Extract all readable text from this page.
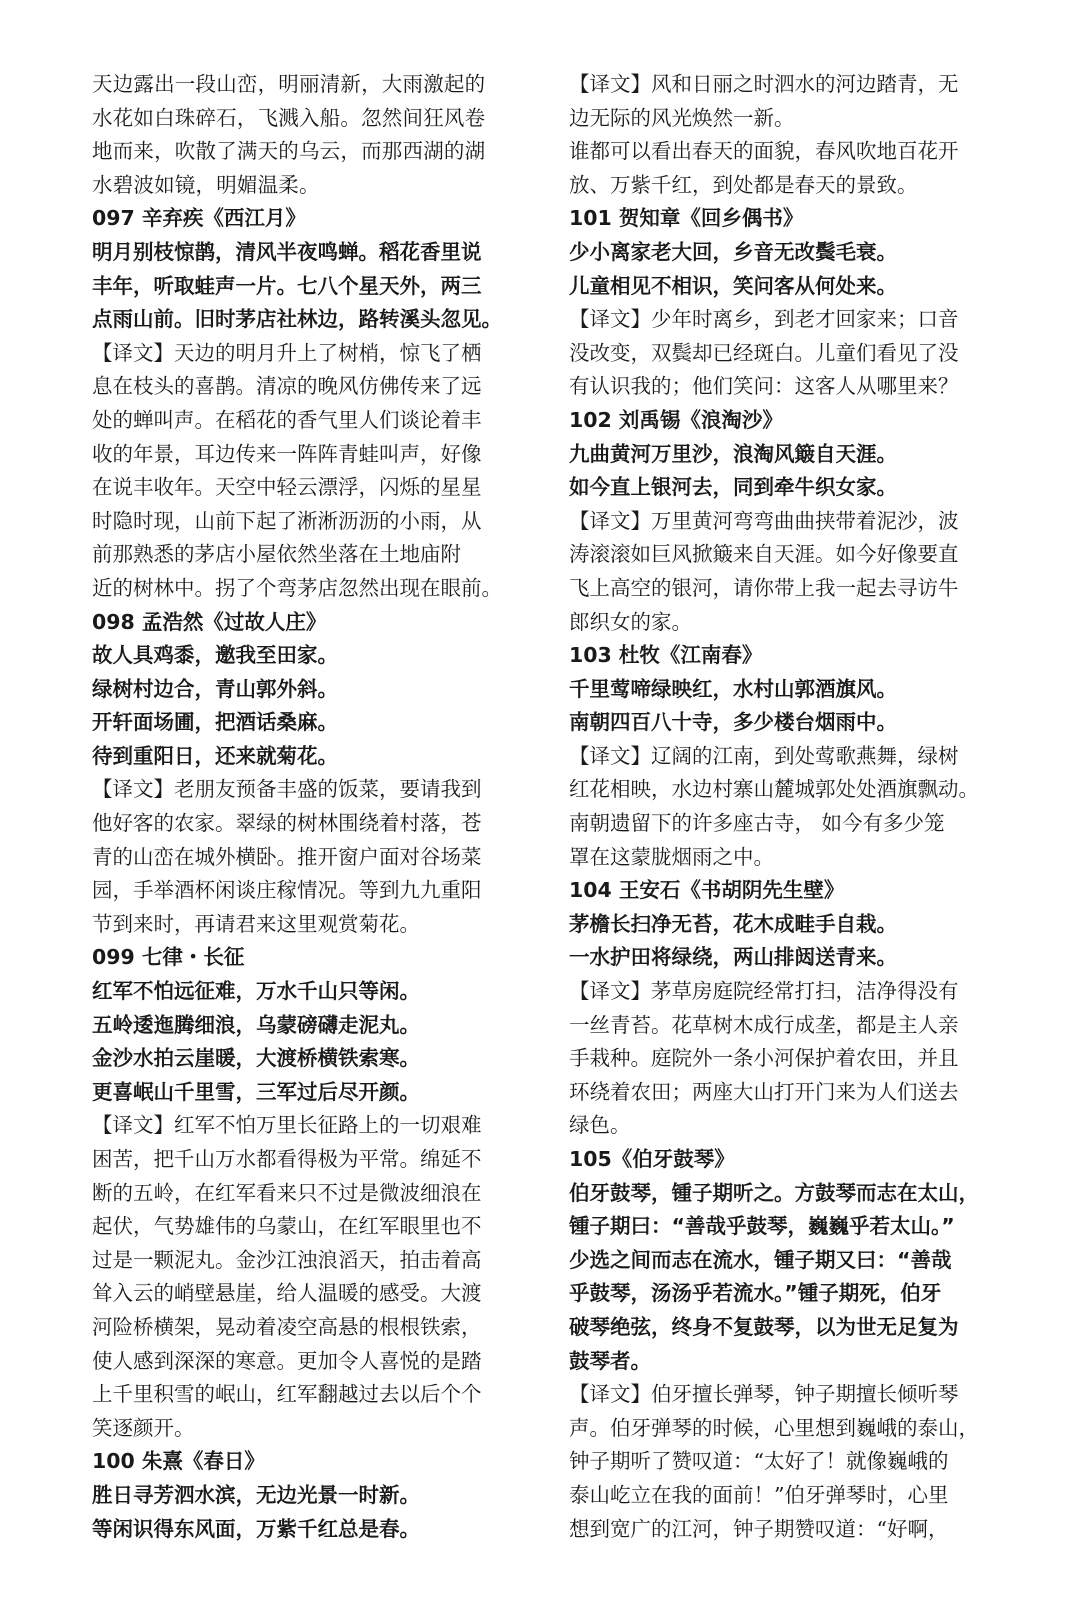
天边露出一段山峦，明丽清新，大雨激起的

水花如白珠碎石，飞溅入船。忽然间狂风卷

地而来，吹散了满天的乌云，而那西湖的湖

水碧波如镜，明媚温柔。

097 辛弃疾《西江月》

明月别枝惊鹊，清风半夜鸣蝉。稻花香里说

丰年，听取蛙声一片。七八个星天外，两三

点雨山前。旧时茅店社林边，路转溪头忽见。

【译文】天边的明月升上了树梢，惊飞了栖

息在枝头的喜鹊。清凉的晚风仿佛传来了远

处的蝉叫声。在稻花的香气里人们谈论着丰

收的年景，耳边传来一阵阵青蛙叫声，好像

在说丰收年。天空中轻云漂浮，闪烁的星星

时隐时现，山前下起了淅淅沥沥的小雨，从

前那熟悉的茅店小屋依然坐落在土地庙附

近的树林中。拐了个弯茅店忽然出现在眼前。

098 孟浩然《过故人庄》

故人具鸡黍，邀我至田家。

绿树村边合，青山郭外斜。

开轩面场圃，把酒话桑麻。

待到重阳日，还来就菊花。

【译文】老朋友预备丰盛的饭菜，要请我到

他好客的农家。翠绿的树林围绕着村落，苍

青的山峦在城外横卧。推开窗户面对谷场菜

园，手举酒杯闲谈庄稼情况。等到九九重阳

节到来时，再请君来这里观赏菊花。

099 七律・长征

红军不怕远征难，万水千山只等闲。

五岭逶迤腾细浪，乌蒙磅礴走泥丸。

金沙水拍云崖暖，大渡桥横铁索寒。

更喜岷山千里雪，三军过后尽开颜。

【译文】红军不怕万里长征路上的一切艰难

困苦，把千山万水都看得极为平常。绵延不

断的五岭，在红军看来只不过是微波细浪在

起伏，气势雄伟的乌蒙山，在红军眼里也不

过是一颗泥丸。金沙江浊浪滔天，拍击着高

耸入云的峭壁悬崖，给人温暖的感受。大渡

河险桥横架，晃动着凌空高悬的根根铁索，

使人感到深深的寒意。更加令人喜悦的是踏

上千里积雪的岷山，红军翻越过去以后个个

笑逐颜开。

100 朱熹《春日》

胜日寻芳泗水滨，无边光景一时新。

等闲识得东风面，万紫千红总是春。

【译文】风和日丽之时泗水的河边踏青，无

边无际的风光焕然一新。

谁都可以看出春天的面貌，春风吹地百花开

放、万紫千红，到处都是春天的景致。

101 贺知章《回乡偶书》

少小离家老大回，乡音无改鬓毛衰。

儿童相见不相识，笑问客从何处来。

【译文】少年时离乡，到老才回家来；口音

没改变，双鬓却已经斑白。儿童们看见了没

有认识我的；他们笑问：这客人从哪里来？

102 刘禹锡《浪淘沙》

九曲黄河万里沙，浪淘风簸自天涯。

如今直上银河去，同到牵牛织女家。

【译文】万里黄河弯弯曲曲挟带着泥沙，波

涛滚滚如巨风掀簸来自天涯。如今好像要直

飞上高空的银河，请你带上我一起去寻访牛

郎织女的家。

103 杜牧《江南春》

千里莺啼绿映红，水村山郭酒旗风。

南朝四百八十寺，多少楼台烟雨中。

【译文】辽阔的江南，到处莺歌燕舞，绿树

红花相映，水边村寨山麓城郭处处酒旗飘动。

南朝遗留下的许多座古寺， 如今有多少笼

罩在这蒙胧烟雨之中。

104 王安石《书胡阴先生壁》

茅檐长扫净无苔，花木成畦手自栽。

一水护田将绿绕，两山排闼送青来。

【译文】茅草房庭院经常打扫，洁净得没有

一丝青苔。花草树木成行成垄，都是主人亲

手栽种。庭院外一条小河保护着农田，并且

环绕着农田；两座大山打开门来为人们送去

绿色。

105《伯牙鼓琴》

伯牙鼓琴，锺子期听之。方鼓琴而志在太山，

锺子期曰：“善哉乎鼓琴，巍巍乎若太山。”

少选之间而志在流水，锺子期又曰：“善哉

乎鼓琴，汤汤乎若流水。”锺子期死，伯牙

破琴绝弦，终身不复鼓琴，以为世无足复为

鼓琴者。

【译文】伯牙擅长弹琴，钟子期擅长倾听琴

声。伯牙弹琴的时候，心里想到巍峨的泰山，

钟子期听了赞叹道：“太好了！就像巍峨的

泰山屹立在我的面前！”伯牙弹琴时，心里

想到宽广的江河，钟子期赞叹道：“好啊，
